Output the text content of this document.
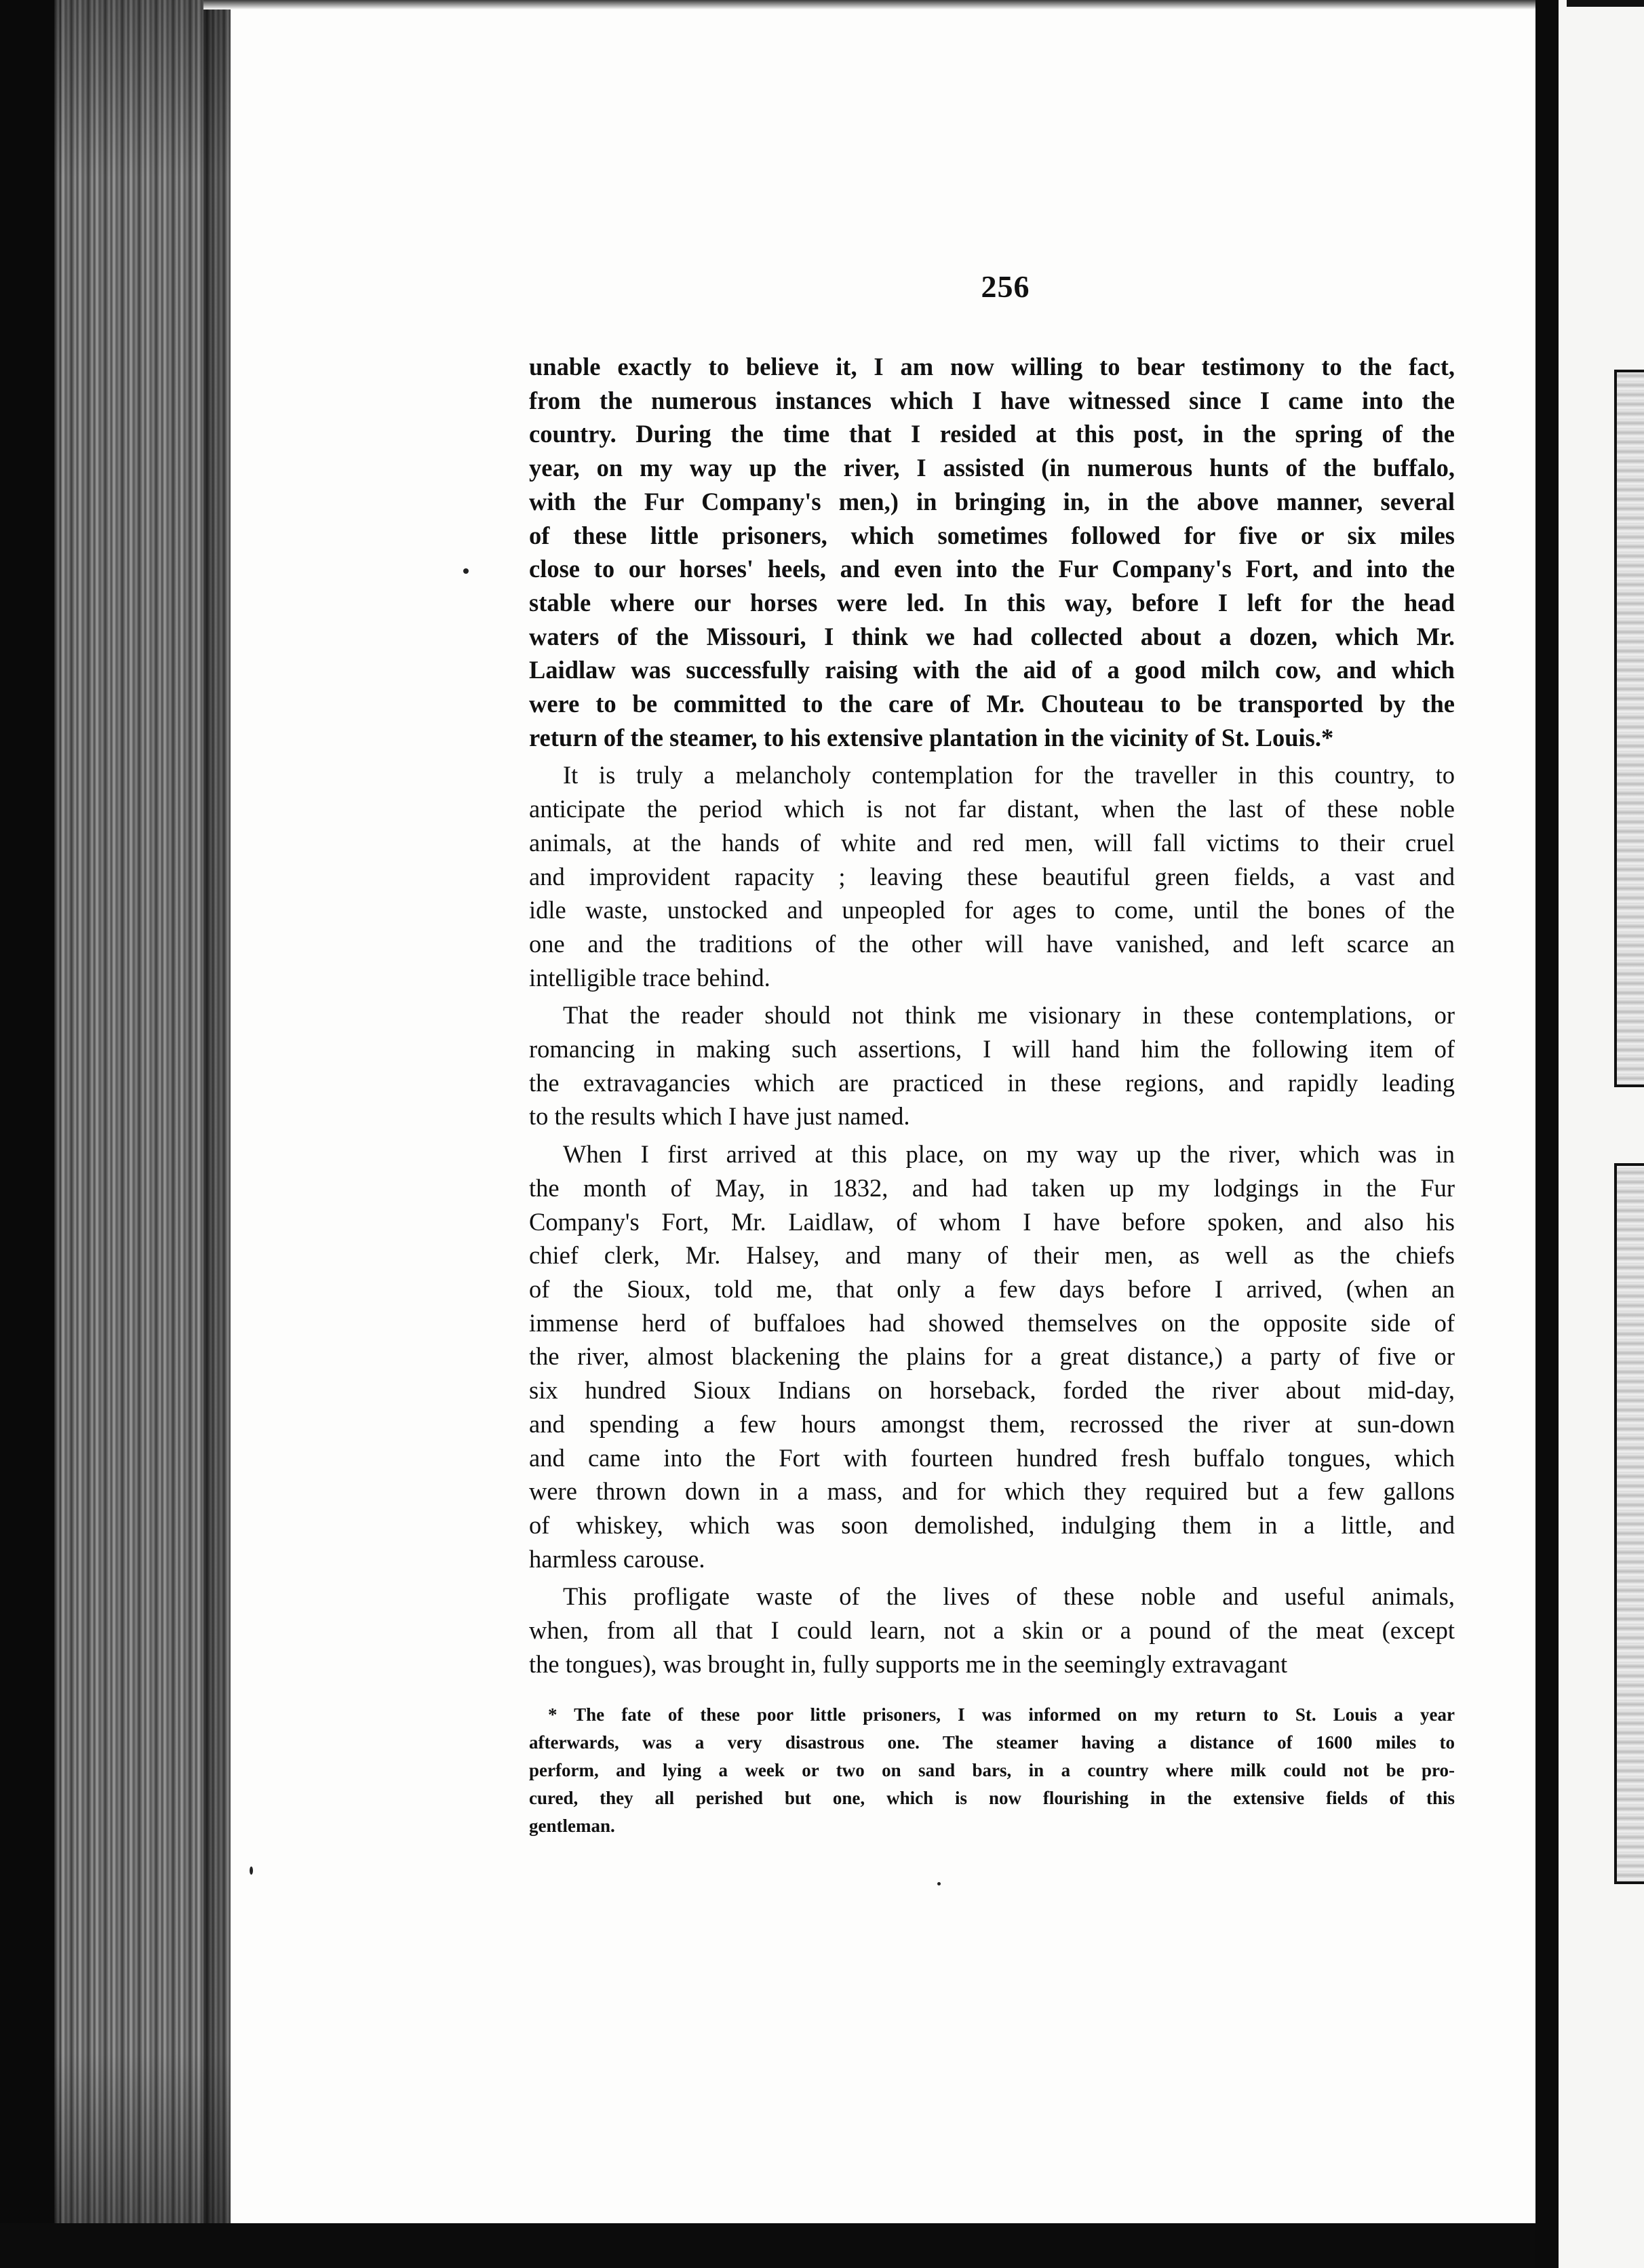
256
unable exactly to believe it, I am now willing to bear testimony to the fact,
from the numerous instances which I have witnessed since I came into the
country. During the time that I resided at this post, in the spring of the
year, on my way up the river, I assisted (in numerous hunts of the buffalo,
with the Fur Company's men,) in bringing in, in the above manner, several
of these little prisoners, which sometimes followed for five or six miles
close to our horses' heels, and even into the Fur Company's Fort, and into the
stable where our horses were led. In this way, before I left for the head
waters of the Missouri, I think we had collected about a dozen, which Mr.
Laidlaw was successfully raising with the aid of a good milch cow, and which
were to be committed to the care of Mr. Chouteau to be transported by the
return of the steamer, to his extensive plantation in the vicinity of St. Louis.*
It is truly a melancholy contemplation for the traveller in this country, to
anticipate the period which is not far distant, when the last of these noble
animals, at the hands of white and red men, will fall victims to their cruel
and improvident rapacity ; leaving these beautiful green fields, a vast and
idle waste, unstocked and unpeopled for ages to come, until the bones of the
one and the traditions of the other will have vanished, and left scarce an
intelligible trace behind.
That the reader should not think me visionary in these contemplations, or
romancing in making such assertions, I will hand him the following item of
the extravagancies which are practiced in these regions, and rapidly leading
to the results which I have just named.
When I first arrived at this place, on my way up the river, which was in
the month of May, in 1832, and had taken up my lodgings in the Fur
Company's Fort, Mr. Laidlaw, of whom I have before spoken, and also his
chief clerk, Mr. Halsey, and many of their men, as well as the chiefs
of the Sioux, told me, that only a few days before I arrived, (when an
immense herd of buffaloes had showed themselves on the opposite side of
the river, almost blackening the plains for a great distance,) a party of five or
six hundred Sioux Indians on horseback, forded the river about mid-day,
and spending a few hours amongst them, recrossed the river at sun-down
and came into the Fort with fourteen hundred fresh buffalo tongues, which
were thrown down in a mass, and for which they required but a few gallons
of whiskey, which was soon demolished, indulging them in a little, and
harmless carouse.
This profligate waste of the lives of these noble and useful animals,
when, from all that I could learn, not a skin or a pound of the meat (except
the tongues), was brought in, fully supports me in the seemingly extravagant
* The fate of these poor little prisoners, I was informed on my return to St. Louis a year
afterwards, was a very disastrous one. The steamer having a distance of 1600 miles to
perform, and lying a week or two on sand bars, in a country where milk could not be pro-
cured, they all perished but one, which is now flourishing in the extensive fields of this
gentleman.
